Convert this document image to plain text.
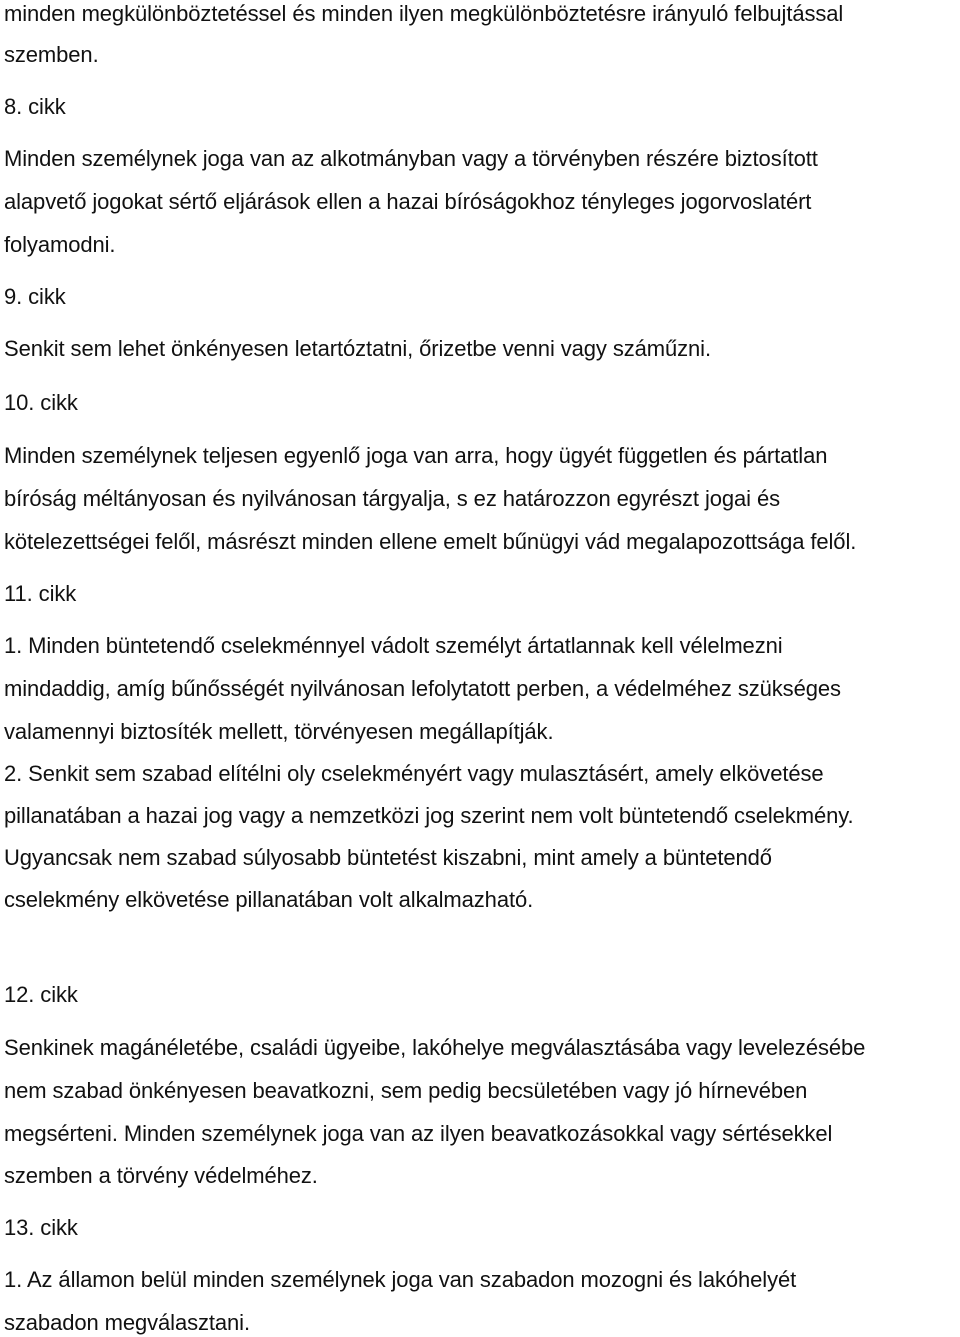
minden megkülönböztetéssel és minden ilyen megkülönböztetésre irányuló felbujtással
szemben.
8. cikk
Minden személynek joga van az alkotmányban vagy a törvényben részére biztosított
alapvető jogokat sértő eljárások ellen a hazai bíróságokhoz tényleges jogorvoslatért
folyamodni.
9. cikk
Senkit sem lehet önkényesen letartóztatni, őrizetbe venni vagy száműzni.
10. cikk
Minden személynek teljesen egyenlő joga van arra, hogy ügyét független és pártatlan
bíróság méltányosan és nyilvánosan tárgyalja, s ez határozzon egyrészt jogai és
kötelezettségei felől, másrészt minden ellene emelt bűnügyi vád megalapozottsága felől.
11. cikk
1. Minden büntetendő cselekménnyel vádolt személyt ártatlannak kell vélelmezni
mindaddig, amíg bűnősségét nyilvánosan lefolytatott perben, a védelméhez szükséges
valamennyi biztosíték mellett, törvényesen megállapítják.
2. Senkit sem szabad elítélni oly cselekményért vagy mulasztásért, amely elkövetése
pillanatában a hazai jog vagy a nemzetközi jog szerint nem volt büntetendő cselekmény.
Ugyancsak nem szabad súlyosabb büntetést kiszabni, mint amely a büntetendő
cselekmény elkövetése pillanatában volt alkalmazható.
12. cikk
Senkinek magánéletébe, családi ügyeibe, lakóhelye megválasztásába vagy levelezésébe
nem szabad önkényesen beavatkozni, sem pedig becsületében vagy jó hírnevében
megsérteni. Minden személynek joga van az ilyen beavatkozásokkal vagy sértésekkel
szemben a törvény védelméhez.
13. cikk
1. Az államon belül minden személynek joga van szabadon mozogni és lakóhelyét
szabadon megválasztani.
